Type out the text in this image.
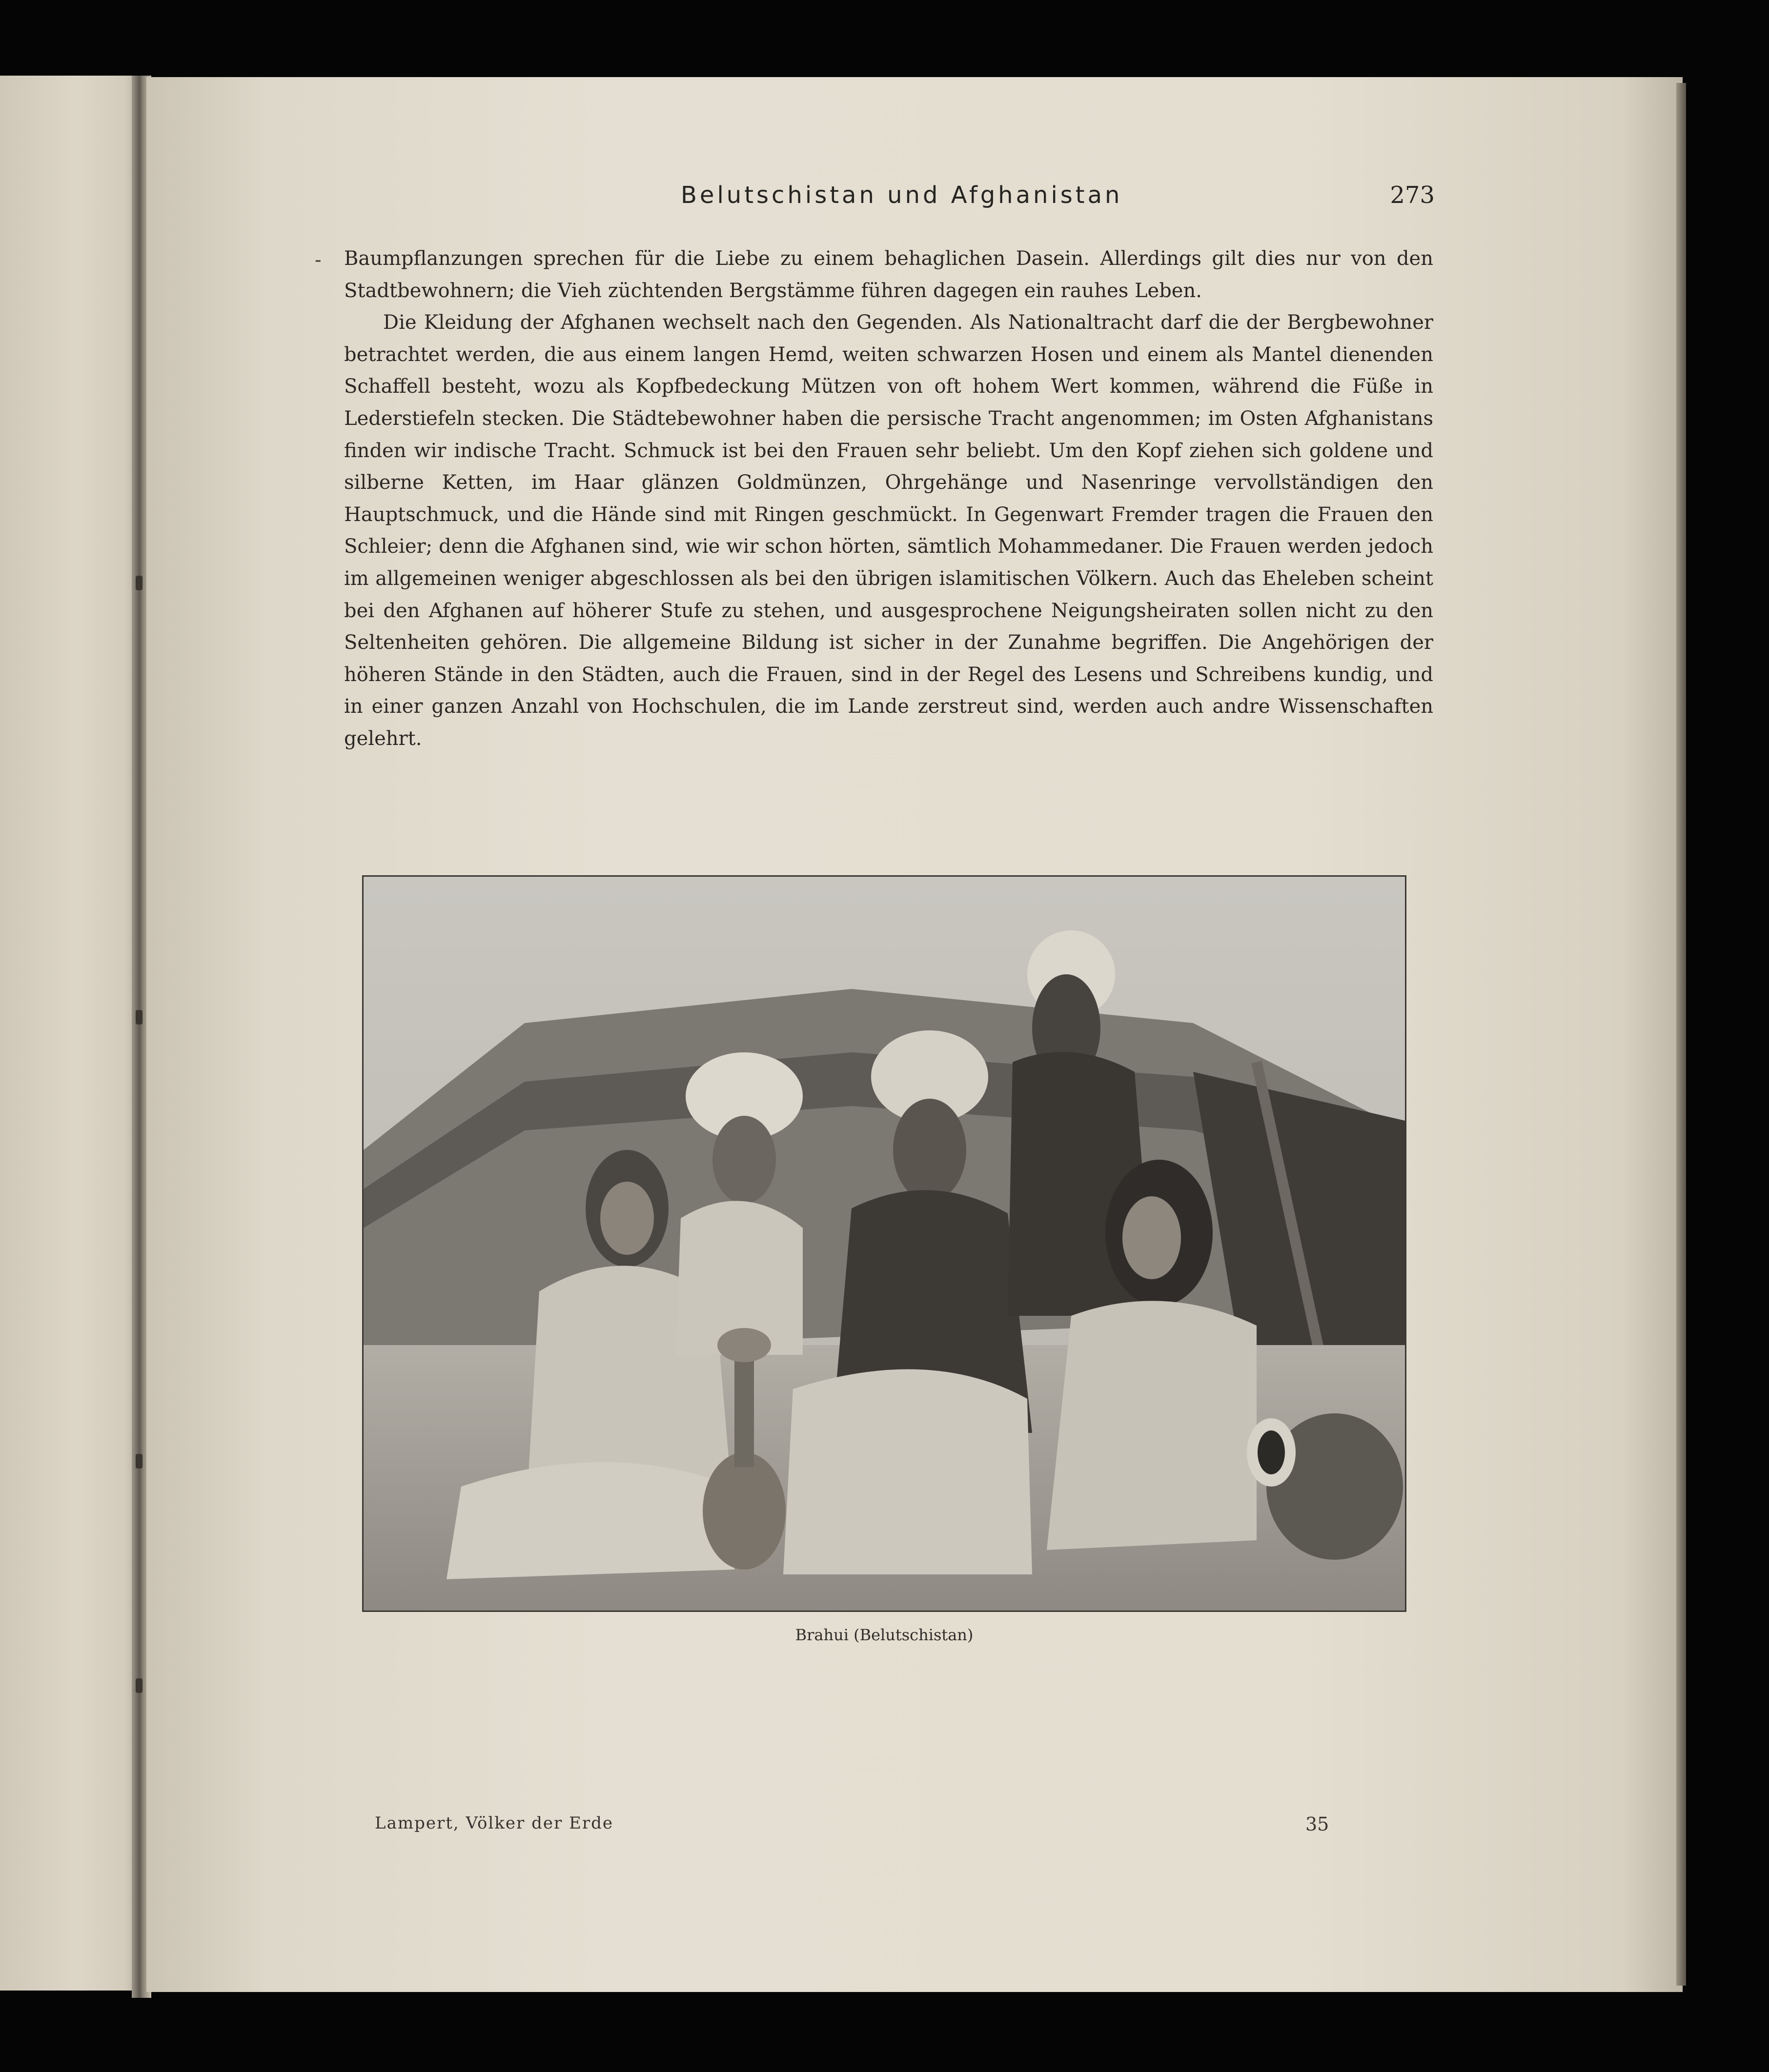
Belutschistan und Afghanistan	273
- Baumpflanzungen sprechen für die Liebe zu einem behaglichen Dasein. Allerdings gilt dies nur von den Stadtbewohnern; die Vieh züchtenden Bergstämme führen dagegen ein rauhes Leben.

Die Kleidung der Afghanen wechselt nach den Gegenden. Als Nationaltracht darf die der Bergbewohner betrachtet werden, die aus einem langen Hemd, weiten schwarzen Hosen und einem als Mantel dienenden Schaffell besteht, wozu als Kopfbedeckung Mützen von oft hohem Wert kommen, während die Füße in Lederstiefeln stecken. Die Städtebewohner haben die persische Tracht angenommen; im Osten Afghanistans finden wir indische Tracht. Schmuck ist bei den Frauen sehr beliebt. Um den Kopf ziehen sich goldene und silberne Ketten, im Haar glänzen Goldmünzen, Ohrgehänge und Nasenringe vervollständigen den Hauptschmuck, und die Hände sind mit Ringen geschmückt. In Gegenwart Fremder tragen die Frauen den Schleier; denn die Afghanen sind, wie wir schon hörten, sämtlich Mohammedaner. Die Frauen werden jedoch im allgemeinen weniger abgeschlossen als bei den übrigen islamitischen Völkern. Auch das Eheleben scheint bei den Afghanen auf höherer Stufe zu stehen, und ausgesprochene Neigungsheiraten sollen nicht zu den Seltenheiten gehören. Die allgemeine Bildung ist sicher in der Zunahme begriffen. Die Angehörigen der höheren Stände in den Städten, auch die Frauen, sind in der Regel des Lesens und Schreibens kundig, und in einer ganzen Anzahl von Hochschulen, die im Lande zerstreut sind, werden auch andre Wissenschaften gelehrt.

Brahui (Belutschistan)
Lampert, Völker der Erde	35
